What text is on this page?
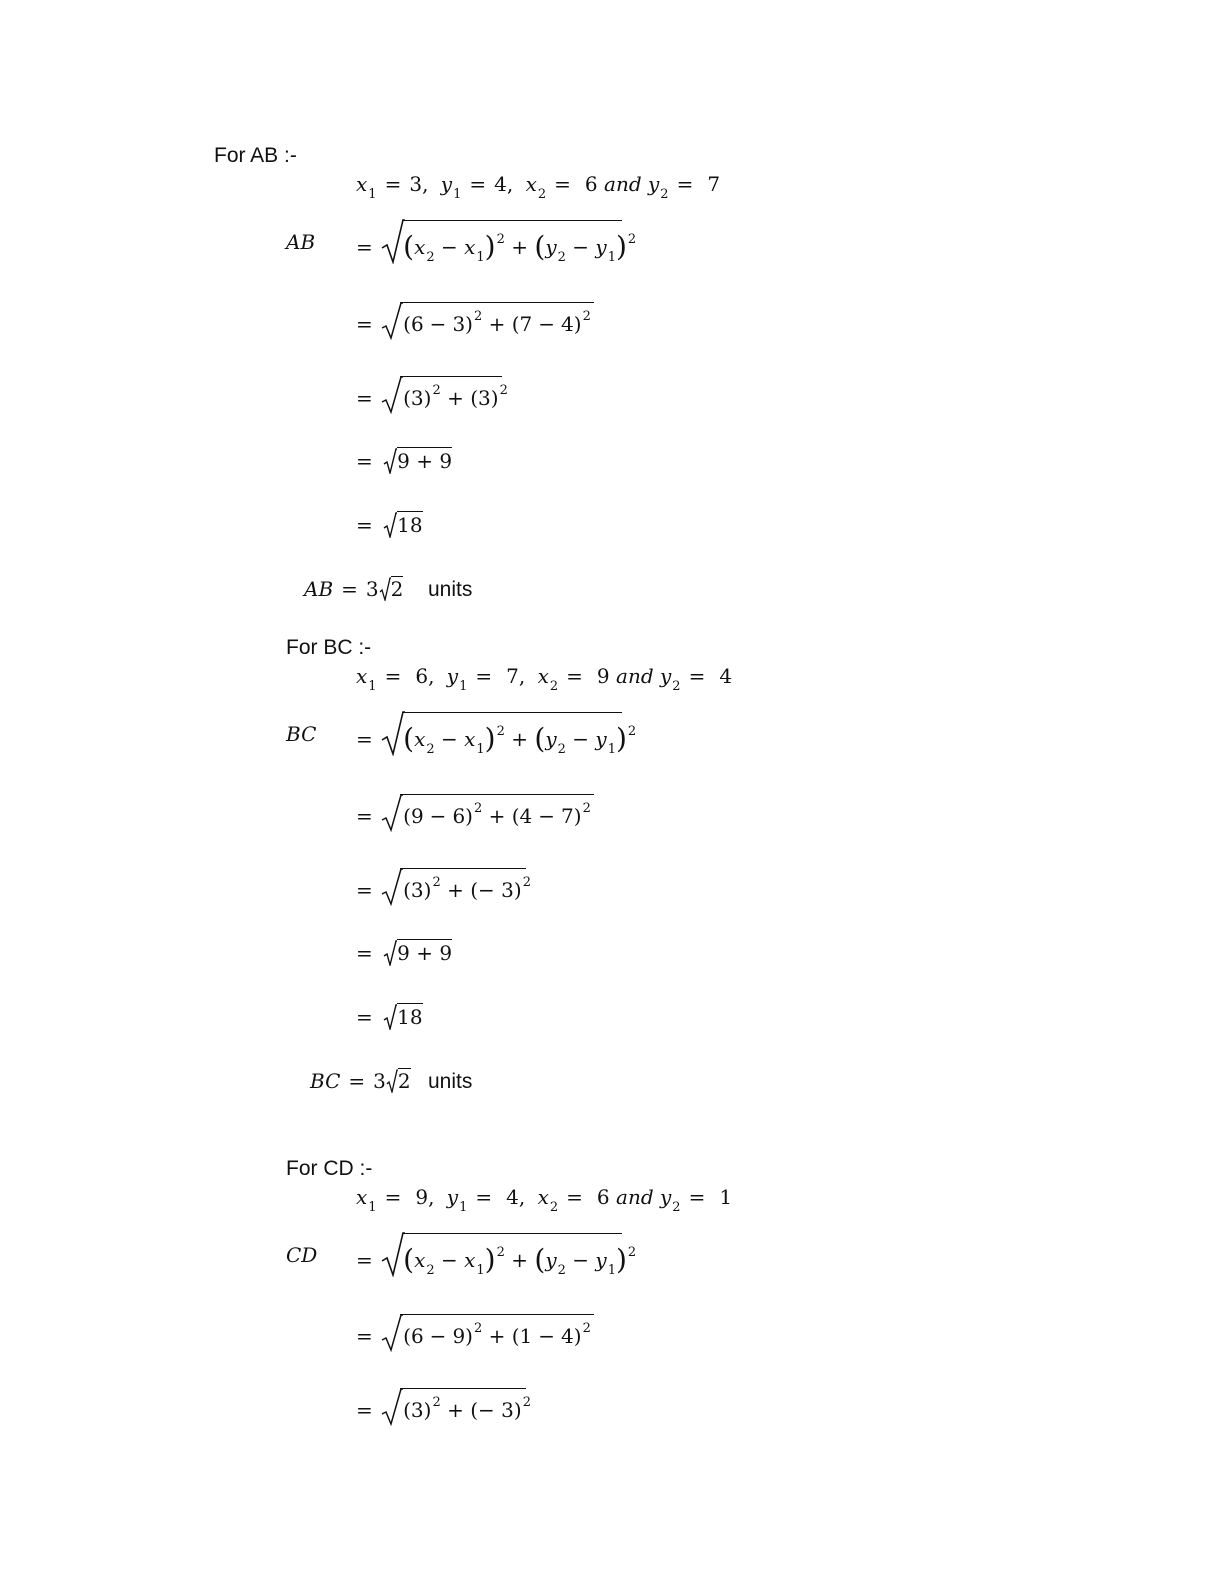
For AB :-
$x_1 = 3$, $y_1 = 4$, $x_2 = 6$ and $y_2 = 7$
AB = $(x_2 - x_1)^2 + (y_2 - y_1)^2$
= $(6 - 3)^2 + (7 - 4)^2$
= $(3)^2 + (3)^2$
= 9 + 9
= 18
AB = 3 2 units
For BC :-
$x_1 = 6$, $y_1 = 7$, $x_2 = 9$ and $y_2 = 4$
BC = $(x_2 - x_1)^2 + (y_2 - y_1)^2$
= $(9 - 6)^2 + (4 - 7)^2$
= $(3)^2$ + (− 3)$^2$
= 9 + 9
= 18
BC = 3 2 units
For CD :-
$x_1 = 9$, $y_1 = 4$, $x_2 = 6$ and $y_2 = 1$
CD = $(x_2 - x_1)^2 + (y_2 - y_1)^2$
= $(6 - 9)^2 + (1 - 4)^2$
= $(3)^2$ + (− 3)$^2$
